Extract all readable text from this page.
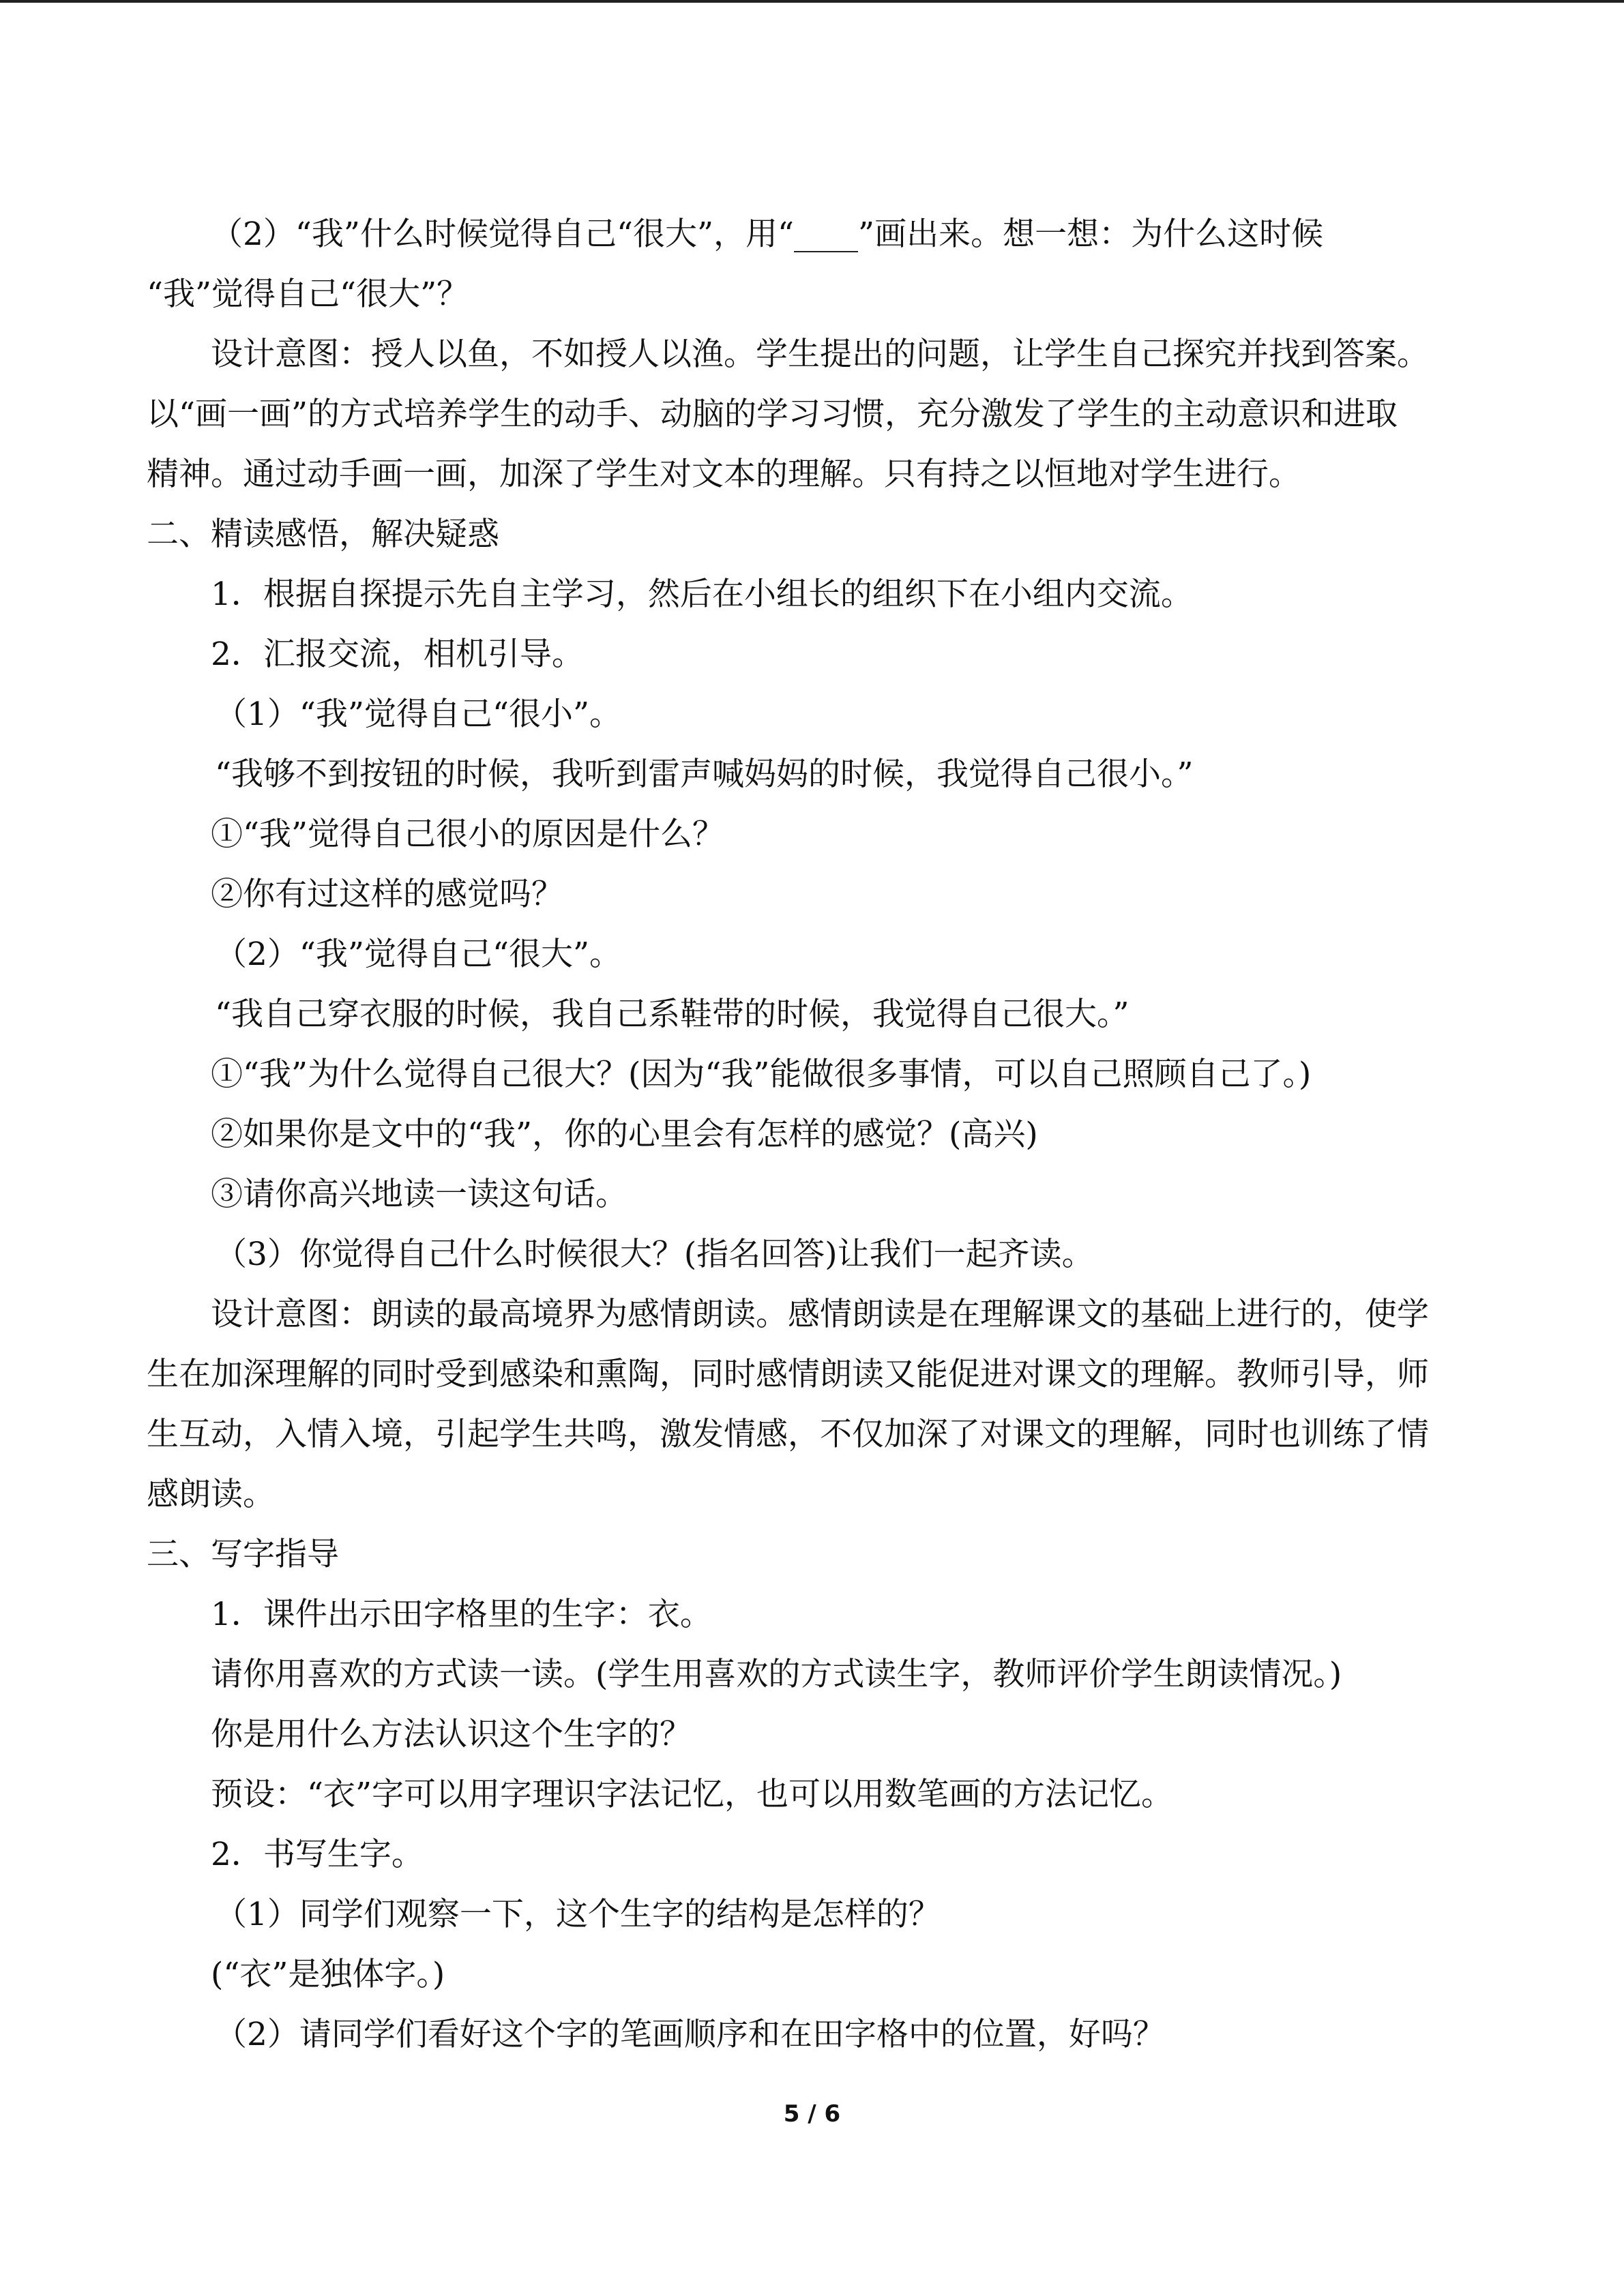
（2）“我”什么时候觉得自己“很大”，用“____”画出来。想一想：为什么这时候

“我”觉得自己“很大”？

设计意图：授人以鱼，不如授人以渔。学生提出的问题，让学生自己探究并找到答案。

以“画一画”的方式培养学生的动手、动脑的学习习惯，充分激发了学生的主动意识和进取

精神。通过动手画一画，加深了学生对文本的理解。只有持之以恒地对学生进行。

二、精读感悟，解决疑惑

1．根据自探提示先自主学习，然后在小组长的组织下在小组内交流。

2．汇报交流，相机引导。

（1）“我”觉得自己“很小”。

“我够不到按钮的时候，我听到雷声喊妈妈的时候，我觉得自己很小。”

①“我”觉得自己很小的原因是什么？

②你有过这样的感觉吗？

（2）“我”觉得自己“很大”。

“我自己穿衣服的时候，我自己系鞋带的时候，我觉得自己很大。”

①“我”为什么觉得自己很大？(因为“我”能做很多事情，可以自己照顾自己了。)

②如果你是文中的“我”，你的心里会有怎样的感觉？(高兴)

③请你高兴地读一读这句话。

（3）你觉得自己什么时候很大？(指名回答)让我们一起齐读。

设计意图：朗读的最高境界为感情朗读。感情朗读是在理解课文的基础上进行的，使学

生在加深理解的同时受到感染和熏陶，同时感情朗读又能促进对课文的理解。教师引导，师

生互动，入情入境，引起学生共鸣，激发情感，不仅加深了对课文的理解，同时也训练了情

感朗读。

三、写字指导

1．课件出示田字格里的生字：衣。

请你用喜欢的方式读一读。(学生用喜欢的方式读生字，教师评价学生朗读情况。)

你是用什么方法认识这个生字的？

预设：“衣”字可以用字理识字法记忆，也可以用数笔画的方法记忆。

2．书写生字。

（1）同学们观察一下，这个生字的结构是怎样的？

(“衣”是独体字。)

（2）请同学们看好这个字的笔画顺序和在田字格中的位置，好吗？

5 / 6
